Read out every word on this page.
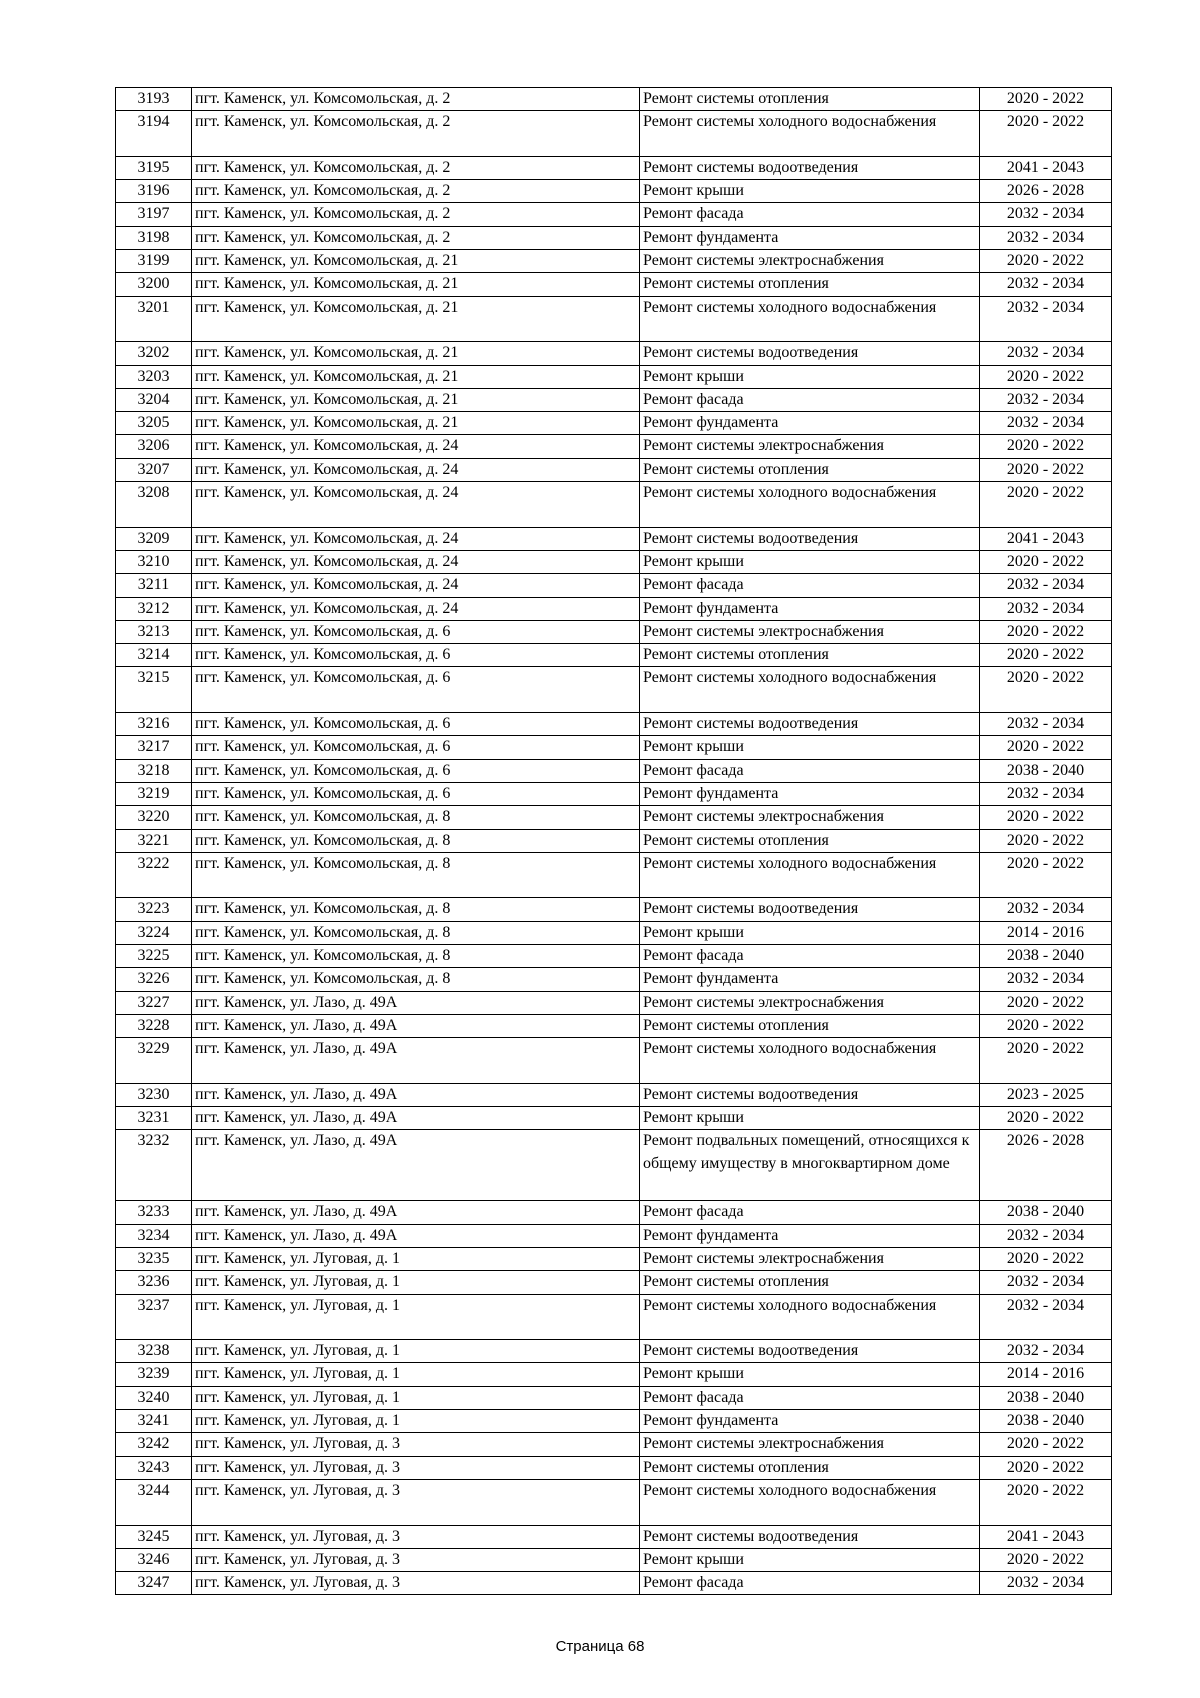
3193	пгт. Каменск, ул. Комсомольская, д. 2	Ремонт системы отопления	2020 - 2022
3194	пгт. Каменск, ул. Комсомольская, д. 2	Ремонт системы холодного водоснабжения	2020 - 2022
3195	пгт. Каменск, ул. Комсомольская, д. 2	Ремонт системы водоотведения	2041 - 2043
3196	пгт. Каменск, ул. Комсомольская, д. 2	Ремонт крыши	2026 - 2028
3197	пгт. Каменск, ул. Комсомольская, д. 2	Ремонт фасада	2032 - 2034
3198	пгт. Каменск, ул. Комсомольская, д. 2	Ремонт фундамента	2032 - 2034
3199	пгт. Каменск, ул. Комсомольская, д. 21	Ремонт системы электроснабжения	2020 - 2022
3200	пгт. Каменск, ул. Комсомольская, д. 21	Ремонт системы отопления	2032 - 2034
3201	пгт. Каменск, ул. Комсомольская, д. 21	Ремонт системы холодного водоснабжения	2032 - 2034
3202	пгт. Каменск, ул. Комсомольская, д. 21	Ремонт системы водоотведения	2032 - 2034
3203	пгт. Каменск, ул. Комсомольская, д. 21	Ремонт крыши	2020 - 2022
3204	пгт. Каменск, ул. Комсомольская, д. 21	Ремонт фасада	2032 - 2034
3205	пгт. Каменск, ул. Комсомольская, д. 21	Ремонт фундамента	2032 - 2034
3206	пгт. Каменск, ул. Комсомольская, д. 24	Ремонт системы электроснабжения	2020 - 2022
3207	пгт. Каменск, ул. Комсомольская, д. 24	Ремонт системы отопления	2020 - 2022
3208	пгт. Каменск, ул. Комсомольская, д. 24	Ремонт системы холодного водоснабжения	2020 - 2022
3209	пгт. Каменск, ул. Комсомольская, д. 24	Ремонт системы водоотведения	2041 - 2043
3210	пгт. Каменск, ул. Комсомольская, д. 24	Ремонт крыши	2020 - 2022
3211	пгт. Каменск, ул. Комсомольская, д. 24	Ремонт фасада	2032 - 2034
3212	пгт. Каменск, ул. Комсомольская, д. 24	Ремонт фундамента	2032 - 2034
3213	пгт. Каменск, ул. Комсомольская, д. 6	Ремонт системы электроснабжения	2020 - 2022
3214	пгт. Каменск, ул. Комсомольская, д. 6	Ремонт системы отопления	2020 - 2022
3215	пгт. Каменск, ул. Комсомольская, д. 6	Ремонт системы холодного водоснабжения	2020 - 2022
3216	пгт. Каменск, ул. Комсомольская, д. 6	Ремонт системы водоотведения	2032 - 2034
3217	пгт. Каменск, ул. Комсомольская, д. 6	Ремонт крыши	2020 - 2022
3218	пгт. Каменск, ул. Комсомольская, д. 6	Ремонт фасада	2038 - 2040
3219	пгт. Каменск, ул. Комсомольская, д. 6	Ремонт фундамента	2032 - 2034
3220	пгт. Каменск, ул. Комсомольская, д. 8	Ремонт системы электроснабжения	2020 - 2022
3221	пгт. Каменск, ул. Комсомольская, д. 8	Ремонт системы отопления	2020 - 2022
3222	пгт. Каменск, ул. Комсомольская, д. 8	Ремонт системы холодного водоснабжения	2020 - 2022
3223	пгт. Каменск, ул. Комсомольская, д. 8	Ремонт системы водоотведения	2032 - 2034
3224	пгт. Каменск, ул. Комсомольская, д. 8	Ремонт крыши	2014 - 2016
3225	пгт. Каменск, ул. Комсомольская, д. 8	Ремонт фасада	2038 - 2040
3226	пгт. Каменск, ул. Комсомольская, д. 8	Ремонт фундамента	2032 - 2034
3227	пгт. Каменск, ул. Лазо, д. 49А	Ремонт системы электроснабжения	2020 - 2022
3228	пгт. Каменск, ул. Лазо, д. 49А	Ремонт системы отопления	2020 - 2022
3229	пгт. Каменск, ул. Лазо, д. 49А	Ремонт системы холодного водоснабжения	2020 - 2022
3230	пгт. Каменск, ул. Лазо, д. 49А	Ремонт системы водоотведения	2023 - 2025
3231	пгт. Каменск, ул. Лазо, д. 49А	Ремонт крыши	2020 - 2022
3232	пгт. Каменск, ул. Лазо, д. 49А	Ремонт подвальных помещений, относящихся к общему имуществу в многоквартирном доме	2026 - 2028
3233	пгт. Каменск, ул. Лазо, д. 49А	Ремонт фасада	2038 - 2040
3234	пгт. Каменск, ул. Лазо, д. 49А	Ремонт фундамента	2032 - 2034
3235	пгт. Каменск, ул. Луговая, д. 1	Ремонт системы электроснабжения	2020 - 2022
3236	пгт. Каменск, ул. Луговая, д. 1	Ремонт системы отопления	2032 - 2034
3237	пгт. Каменск, ул. Луговая, д. 1	Ремонт системы холодного водоснабжения	2032 - 2034
3238	пгт. Каменск, ул. Луговая, д. 1	Ремонт системы водоотведения	2032 - 2034
3239	пгт. Каменск, ул. Луговая, д. 1	Ремонт крыши	2014 - 2016
3240	пгт. Каменск, ул. Луговая, д. 1	Ремонт фасада	2038 - 2040
3241	пгт. Каменск, ул. Луговая, д. 1	Ремонт фундамента	2038 - 2040
3242	пгт. Каменск, ул. Луговая, д. 3	Ремонт системы электроснабжения	2020 - 2022
3243	пгт. Каменск, ул. Луговая, д. 3	Ремонт системы отопления	2020 - 2022
3244	пгт. Каменск, ул. Луговая, д. 3	Ремонт системы холодного водоснабжения	2020 - 2022
3245	пгт. Каменск, ул. Луговая, д. 3	Ремонт системы водоотведения	2041 - 2043
3246	пгт. Каменск, ул. Луговая, д. 3	Ремонт крыши	2020 - 2022
3247	пгт. Каменск, ул. Луговая, д. 3	Ремонт фасада	2032 - 2034
Страница 68
